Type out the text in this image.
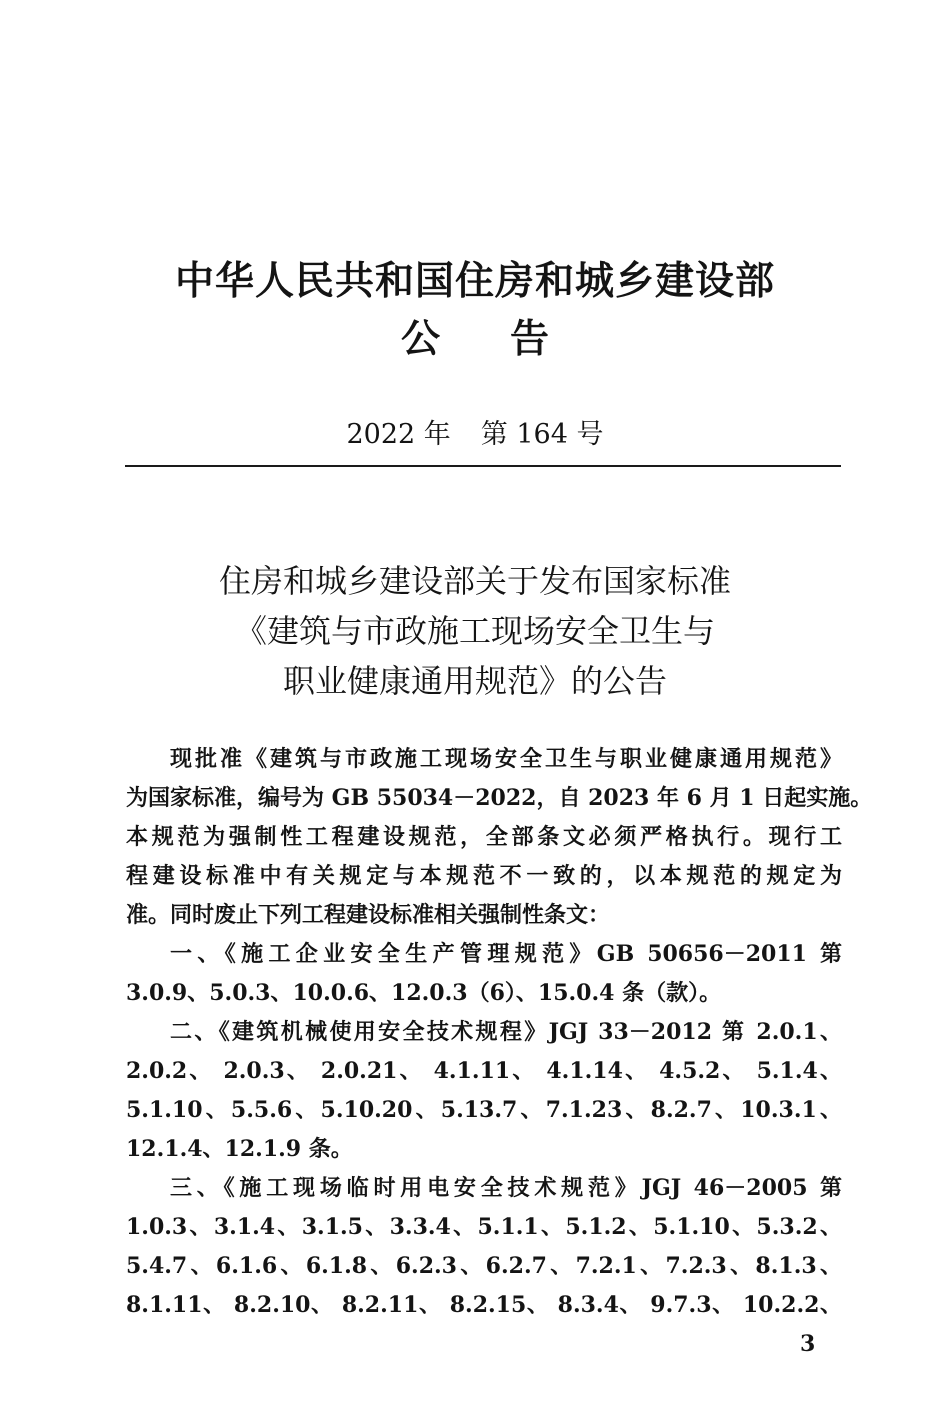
中华人民共和国住房和城乡建设部
公告
2022 年 第 164 号
住房和城乡建设部关于发布国家标准
《建筑与市政施工现场安全卫生与
职业健康通用规范》的公告
现批准《建筑与市政施工现场安全卫生与职业健康通用规范》
为国家标准，编号为 GB 55034－2022，自 2023 年 6 月 1 日起实施。
本规范为强制性工程建设规范，全部条文必须严格执行。现行工
程建设标准中有关规定与本规范不一致的，以本规范的规定为
准。同时废止下列工程建设标准相关强制性条文：
一、《施工企业安全生产管理规范》GB 50656－2011 第
3.0.9、5.0.3、10.0.6、12.0.3（6）、15.0.4 条（款）。
二、《建筑机械使用安全技术规程》JGJ 33－2012 第 2.0.1、
2.0.2、 2.0.3、 2.0.21、 4.1.11、 4.1.14、 4.5.2、 5.1.4、
5.1.10、5.5.6、5.10.20、5.13.7、7.1.23、8.2.7、10.3.1、
12.1.4、12.1.9 条。
三、《施工现场临时用电安全技术规范》JGJ 46－2005 第
1.0.3、3.1.4、3.1.5、3.3.4、5.1.1、5.1.2、5.1.10、5.3.2、
5.4.7、6.1.6、6.1.8、6.2.3、6.2.7、7.2.1、7.2.3、8.1.3、
8.1.11、 8.2.10、 8.2.11、 8.2.15、 8.3.4、 9.7.3、 10.2.2、
3
